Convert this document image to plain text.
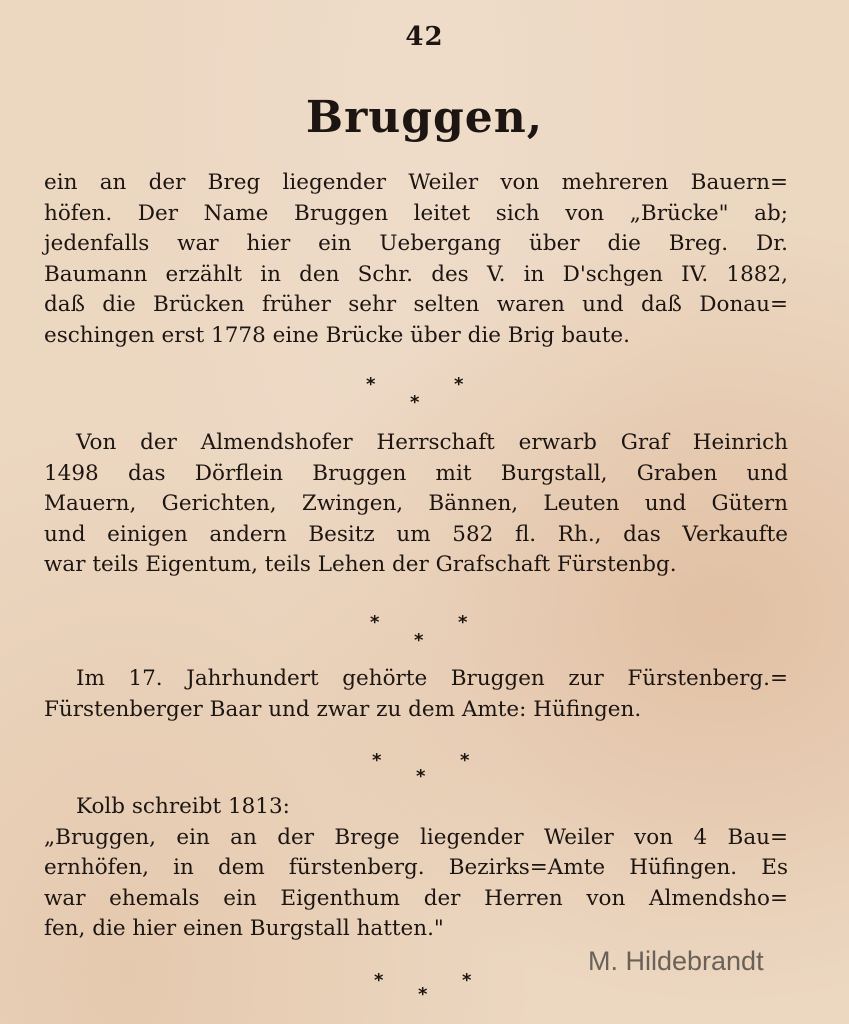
42
Bruggen,
ein an der Breg liegender Weiler von mehreren Bauern=
höfen. Der Name Bruggen leitet sich von „Brücke" ab;
jedenfalls war hier ein Uebergang über die Breg. Dr.
Baumann erzählt in den Schr. des V. in D'schgen IV. 1882,
daß die Brücken früher sehr selten waren und daß Donau=
eschingen erst 1778 eine Brücke über die Brig baute.
*	*
*
Von der Almendshofer Herrschaft erwarb Graf Heinrich
1498 das Dörflein Bruggen mit Burgstall, Graben und
Mauern, Gerichten, Zwingen, Bännen, Leuten und Gütern
und einigen andern Besitz um 582 fl. Rh., das Verkaufte
war teils Eigentum, teils Lehen der Grafschaft Fürstenbg.
*	*
*
Im 17. Jahrhundert gehörte Bruggen zur Fürstenberg.=
Fürstenberger Baar und zwar zu dem Amte: Hüfingen.
*	*
*
Kolb schreibt 1813:
„Bruggen, ein an der Brege liegender Weiler von 4 Bau=
ernhöfen, in dem fürstenberg. Bezirks=Amte Hüfingen. Es
war ehemals ein Eigenthum der Herren von Almendsho=
fen, die hier einen Burgstall hatten."
M. Hildebrandt
*	*
*
